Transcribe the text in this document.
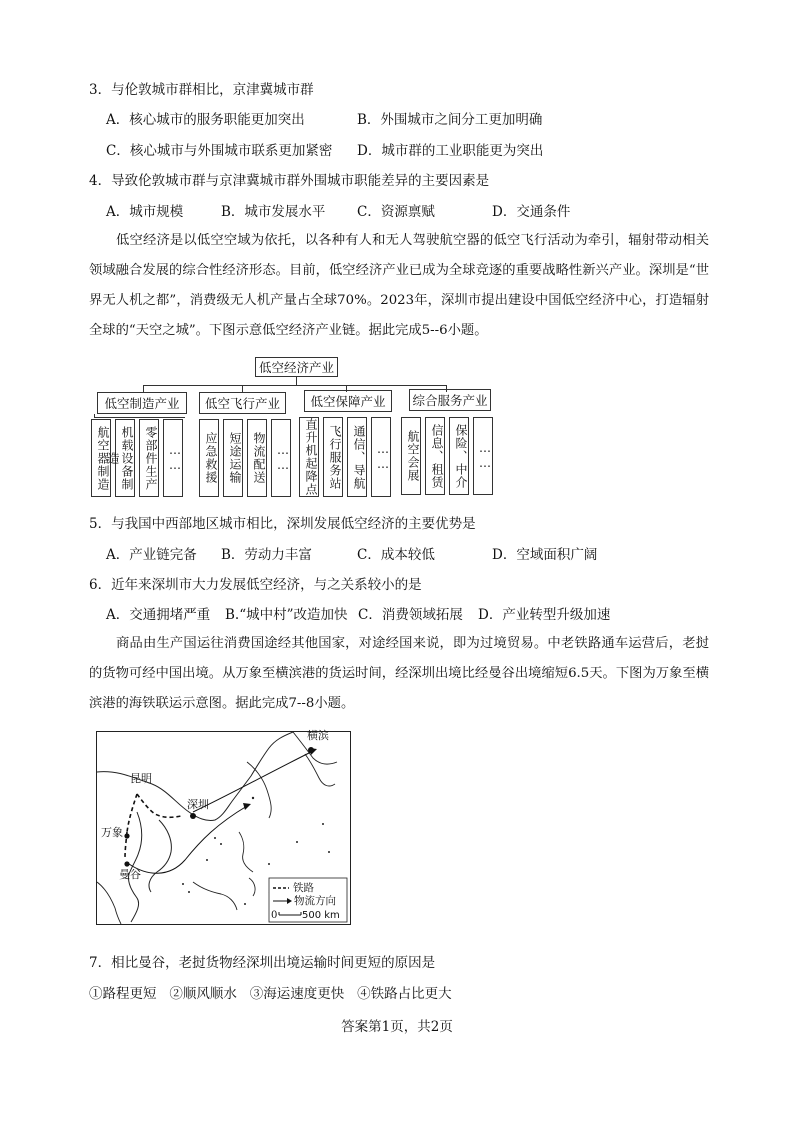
3．与伦敦城市群相比，京津冀城市群
A．核心城市的服务职能更加突出	B．外围城市之间分工更加明确
C．核心城市与外围城市联系更加紧密 D．城市群的工业职能更为突出
4．导致伦敦城市群与京津冀城市群外围城市职能差异的主要因素是
A．城市规模	B．城市发展水平 C．资源禀赋	D．交通条件
低空经济是以低空空域为依托，以各种有人和无人驾驶航空器的低空飞行活动为牵引，辐射带动相关领域融合发展的综合性经济形态。目前，低空经济产业已成为全球竞逐的重要战略性新兴产业。深圳是“世界无人机之都”，消费级无人机产量占全球70%。2023年，深圳市提出建设中国低空经济中心，打造辐射全球的“天空之城”。下图示意低空经济产业链。据此完成5--6小题。
低空经济产业
低空制造产业
航空器制造 机载设备制造	零部件生产 ……
低空飞行产业
应急救援 短途运输 物流配送 ……
低空保障产业
直升机起降点 飞行服务站 通信、导航 ……
综合服务产业
航空会展 信息、租赁 保险、中介 ……
5．与我国中西部地区城市相比，深圳发展低空经济的主要优势是
A．产业链完备 B．劳动力丰富	C．成本较低	D．空域面积广阔
6．近年来深圳市大力发展低空经济，与之关系较小的是
A．交通拥堵严重 B.“城中村”改造加快 C．消费领域拓展 D．产业转型升级加速
商品由生产国运往消费国途经其他国家，对途经国来说，即为过境贸易。中老铁路通车运营后，老挝的货物可经中国出境。从万象至横滨港的货运时间，经深圳出境比经曼谷出境缩短6.5天。下图为万象至横滨港的海铁联运示意图。据此完成7--8小题。
横滨
昆明
深圳
万象
曼谷
铁路
物流方向
0 500 km
7．相比曼谷，老挝货物经深圳出境运输时间更短的原因是
①路程更短   ②顺风顺水   ③海运速度更快   ④铁路占比更大
答案第1页，共2页
